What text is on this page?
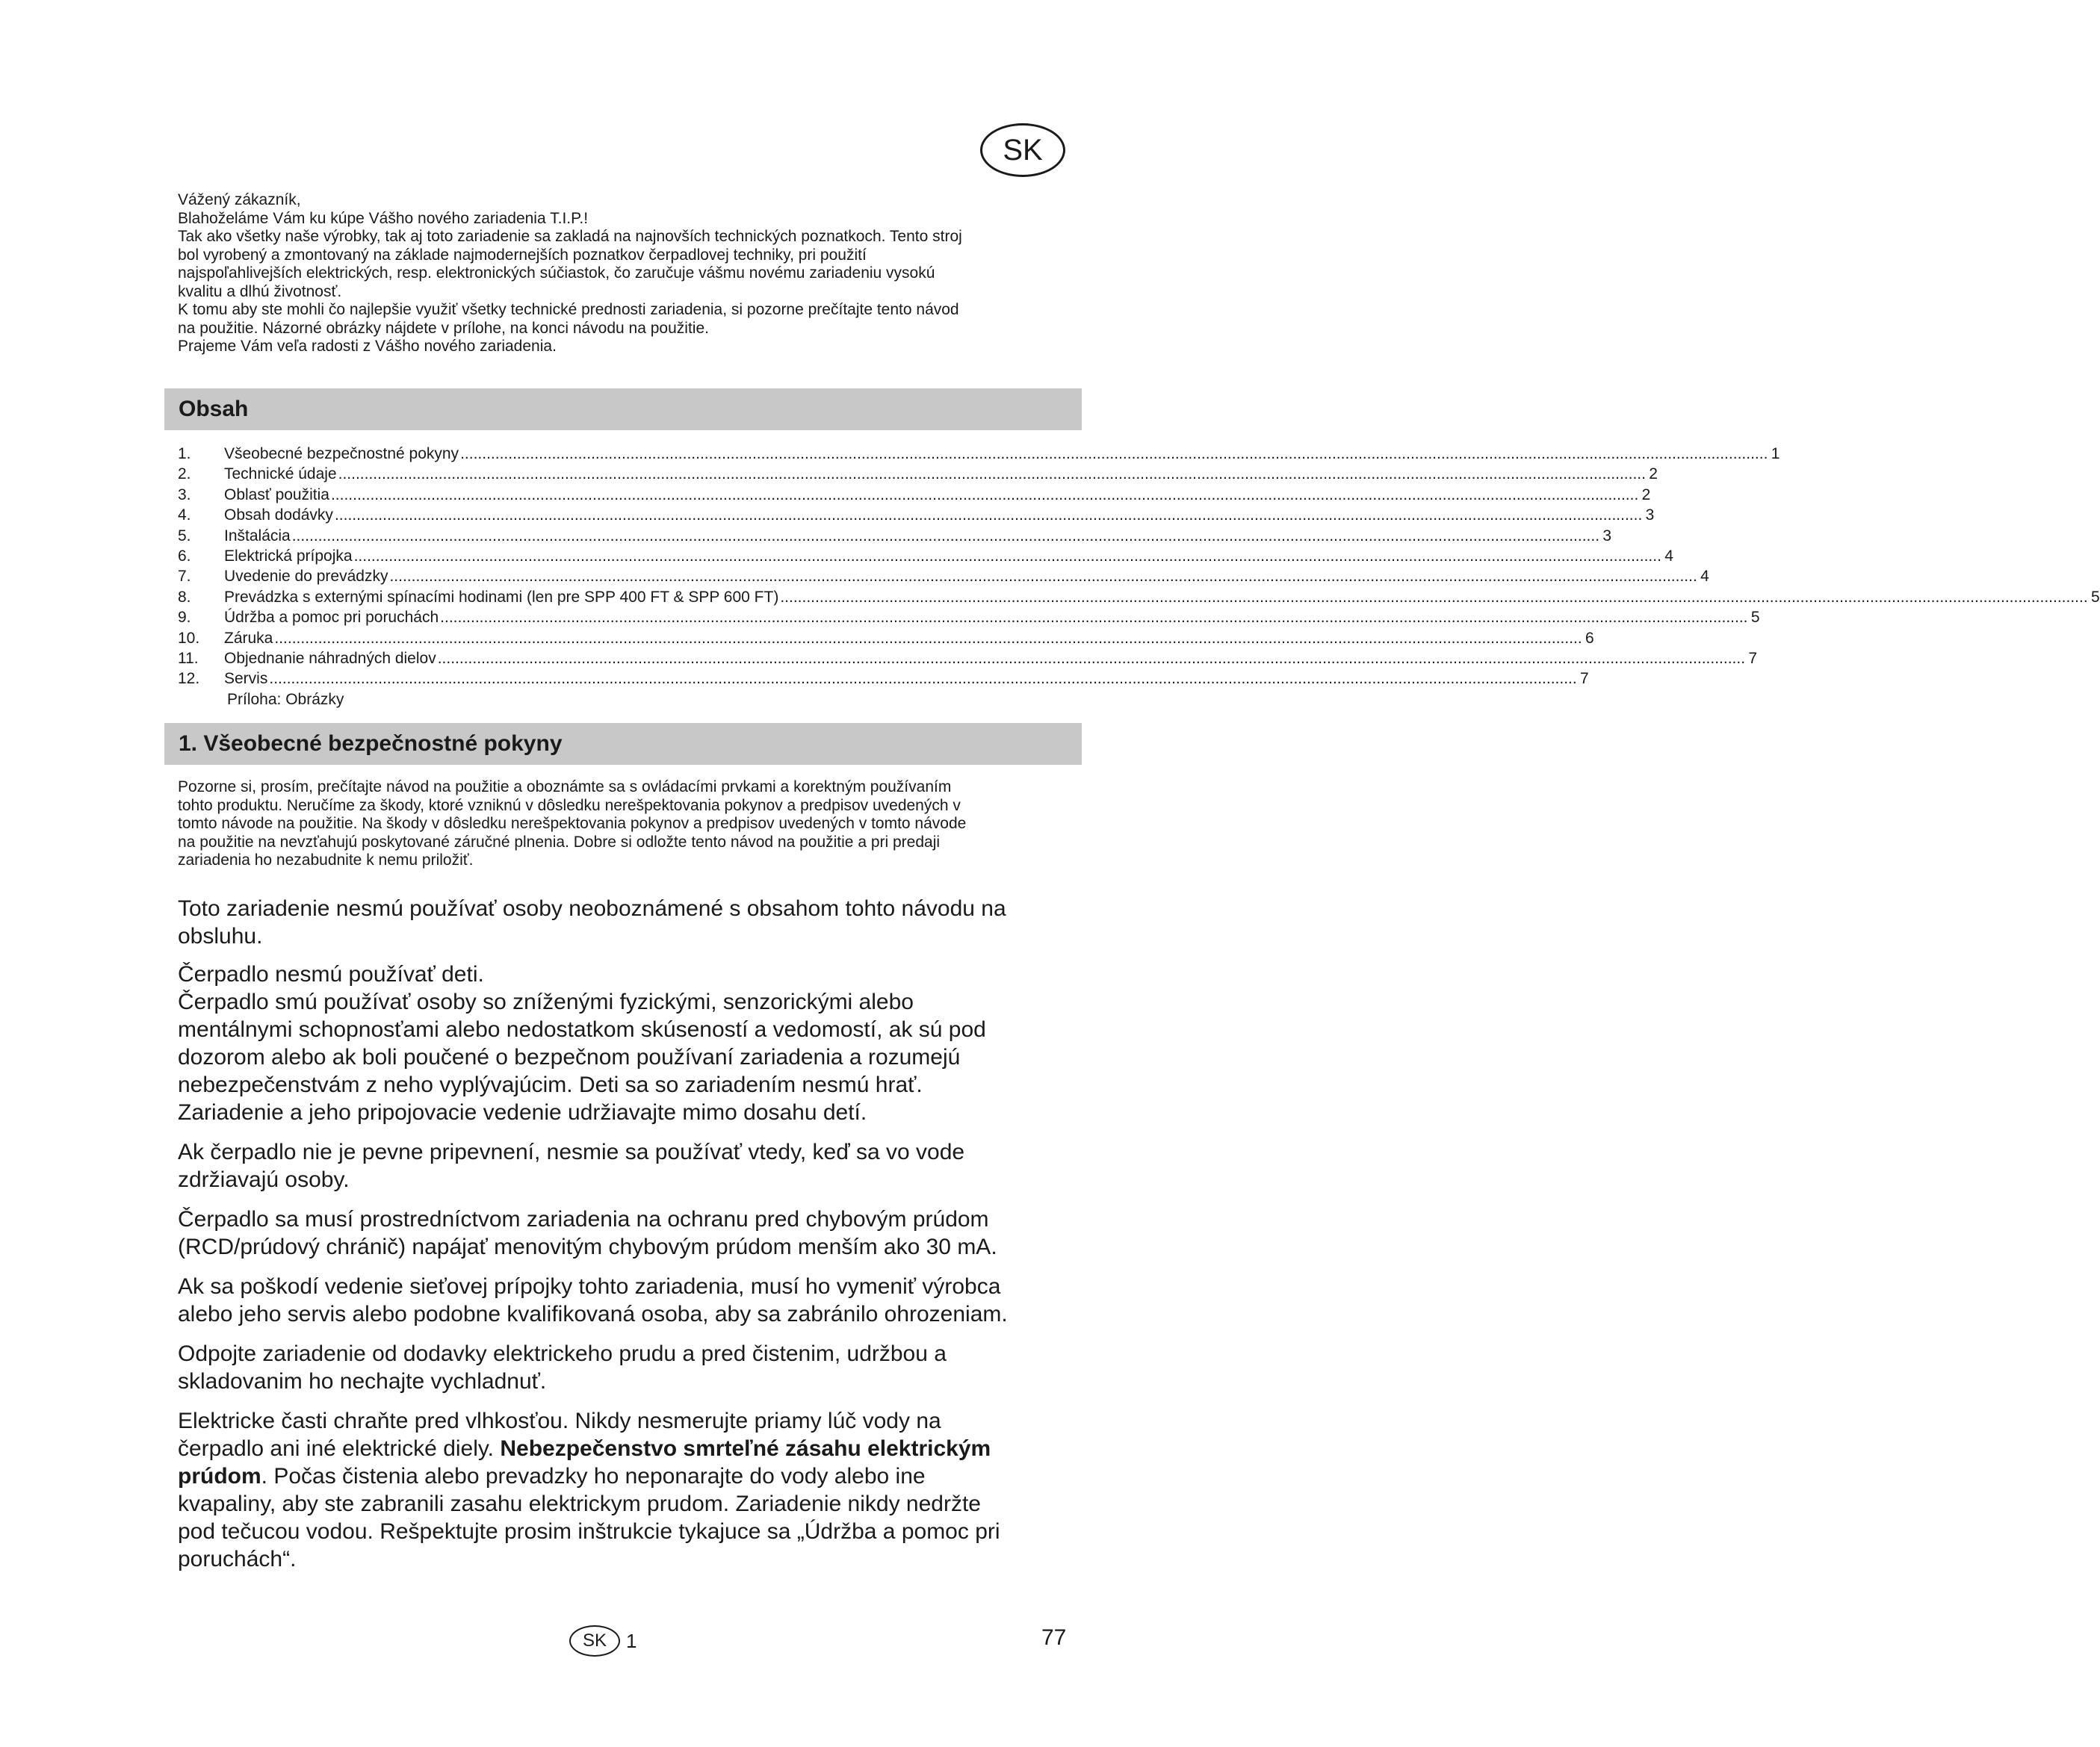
SK

Vážený zákazník,

Blahoželáme Vám ku kúpe Vášho nového zariadenia T.I.P.!

Tak ako všetky naše výrobky, tak aj toto zariadenie sa zakladá na najnovších technických poznatkoch. Tento stroj

bol vyrobený a zmontovaný na základe najmodernejších poznatkov čerpadlovej techniky, pri použití

najspoľahlivejších elektrických, resp. elektronických súčiastok, čo zaručuje vášmu novému zariadeniu vysokú

kvalitu a dlhú životnosť.

K tomu aby ste mohli čo najlepšie využiť všetky technické prednosti zariadenia, si pozorne prečítajte tento návod

na použitie. Názorné obrázky nájdete v prílohe, na konci návodu na použitie.

Prajeme Vám veľa radosti z Vášho nového zariadenia.

Obsah
1.	Všeobecné bezpečnostné pokyny ............................................................................................................................................................................................................................................................................................................ 1
2.	Technické údaje ............................................................................................................................................................................................................................................................................................................ 2
3.	Oblasť použitia ............................................................................................................................................................................................................................................................................................................ 2
4.	Obsah dodávky ............................................................................................................................................................................................................................................................................................................ 3
5.	Inštalácia ............................................................................................................................................................................................................................................................................................................ 3
6.	Elektrická prípojka ............................................................................................................................................................................................................................................................................................................ 4
7.	Uvedenie do prevádzky ............................................................................................................................................................................................................................................................................................................ 4
8.	Prevádzka s externými spínacími hodinami (len pre SPP 400 FT & SPP 600 FT) ............................................................................................................................................................................................................................................................................................................ 5
9.	Údržba a pomoc pri poruchách ............................................................................................................................................................................................................................................................................................................ 5
10.	Záruka ............................................................................................................................................................................................................................................................................................................ 6
11.	Objednanie náhradných dielov ............................................................................................................................................................................................................................................................................................................ 7
12.	Servis ............................................................................................................................................................................................................................................................................................................ 7
Príloha: Obrázky
1. Všeobecné bezpečnostné pokyny

Pozorne si, prosím, prečítajte návod na použitie a oboznámte sa s ovládacími prvkami a korektným používaním

tohto produktu. Neručíme za škody, ktoré vzniknú v dôsledku nerešpektovania pokynov a predpisov uvedených v

tomto návode na použitie. Na škody v dôsledku nerešpektovania pokynov a predpisov uvedených v tomto návode

na použitie na nevzťahujú poskytované záručné plnenia. Dobre si odložte tento návod na použitie a pri predaji

zariadenia ho nezabudnite k nemu priložiť.

Toto zariadenie nesmú používať osoby neoboznámené s obsahom tohto návodu na

obsluhu.

Čerpadlo nesmú používať deti.

Čerpadlo smú používať osoby so zníženými fyzickými, senzorickými alebo

mentálnymi schopnosťami alebo nedostatkom skúseností a vedomostí, ak sú pod

dozorom alebo ak boli poučené o bezpečnom používaní zariadenia a rozumejú

nebezpečenstvám z neho vyplývajúcim. Deti sa so zariadením nesmú hrať.

Zariadenie a jeho pripojovacie vedenie udržiavajte mimo dosahu detí.

Ak čerpadlo nie je pevne pripevnení, nesmie sa používať vtedy, keď sa vo vode

zdržiavajú osoby.

Čerpadlo sa musí prostredníctvom zariadenia na ochranu pred chybovým prúdom

(RCD/prúdový chránič) napájať menovitým chybovým prúdom menším ako 30 mA.

Ak sa poškodí vedenie sieťovej prípojky tohto zariadenia, musí ho vymeniť výrobca

alebo jeho servis alebo podobne kvalifikovaná osoba, aby sa zabránilo ohrozeniam.

Odpojte zariadenie od dodavky elektrickeho prudu a pred čistenim, udržbou a

skladovanim ho nechajte vychladnuť.

Elektricke časti chraňte pred vlhkosťou. Nikdy nesmerujte priamy lúč vody na

čerpadlo ani iné elektrické diely. Nebezpečenstvo smrteľné zásahu elektrickým

prúdom. Počas čistenia alebo prevadzky ho neponarajte do vody alebo ine

kvapaliny, aby ste zabranili zasahu elektrickym prudom. Zariadenie nikdy nedržte

pod tečucou vodou. Rešpektujte prosim inštrukcie tykajuce sa „Údržba a pomoc pri

poruchách“.

SK	1	77
